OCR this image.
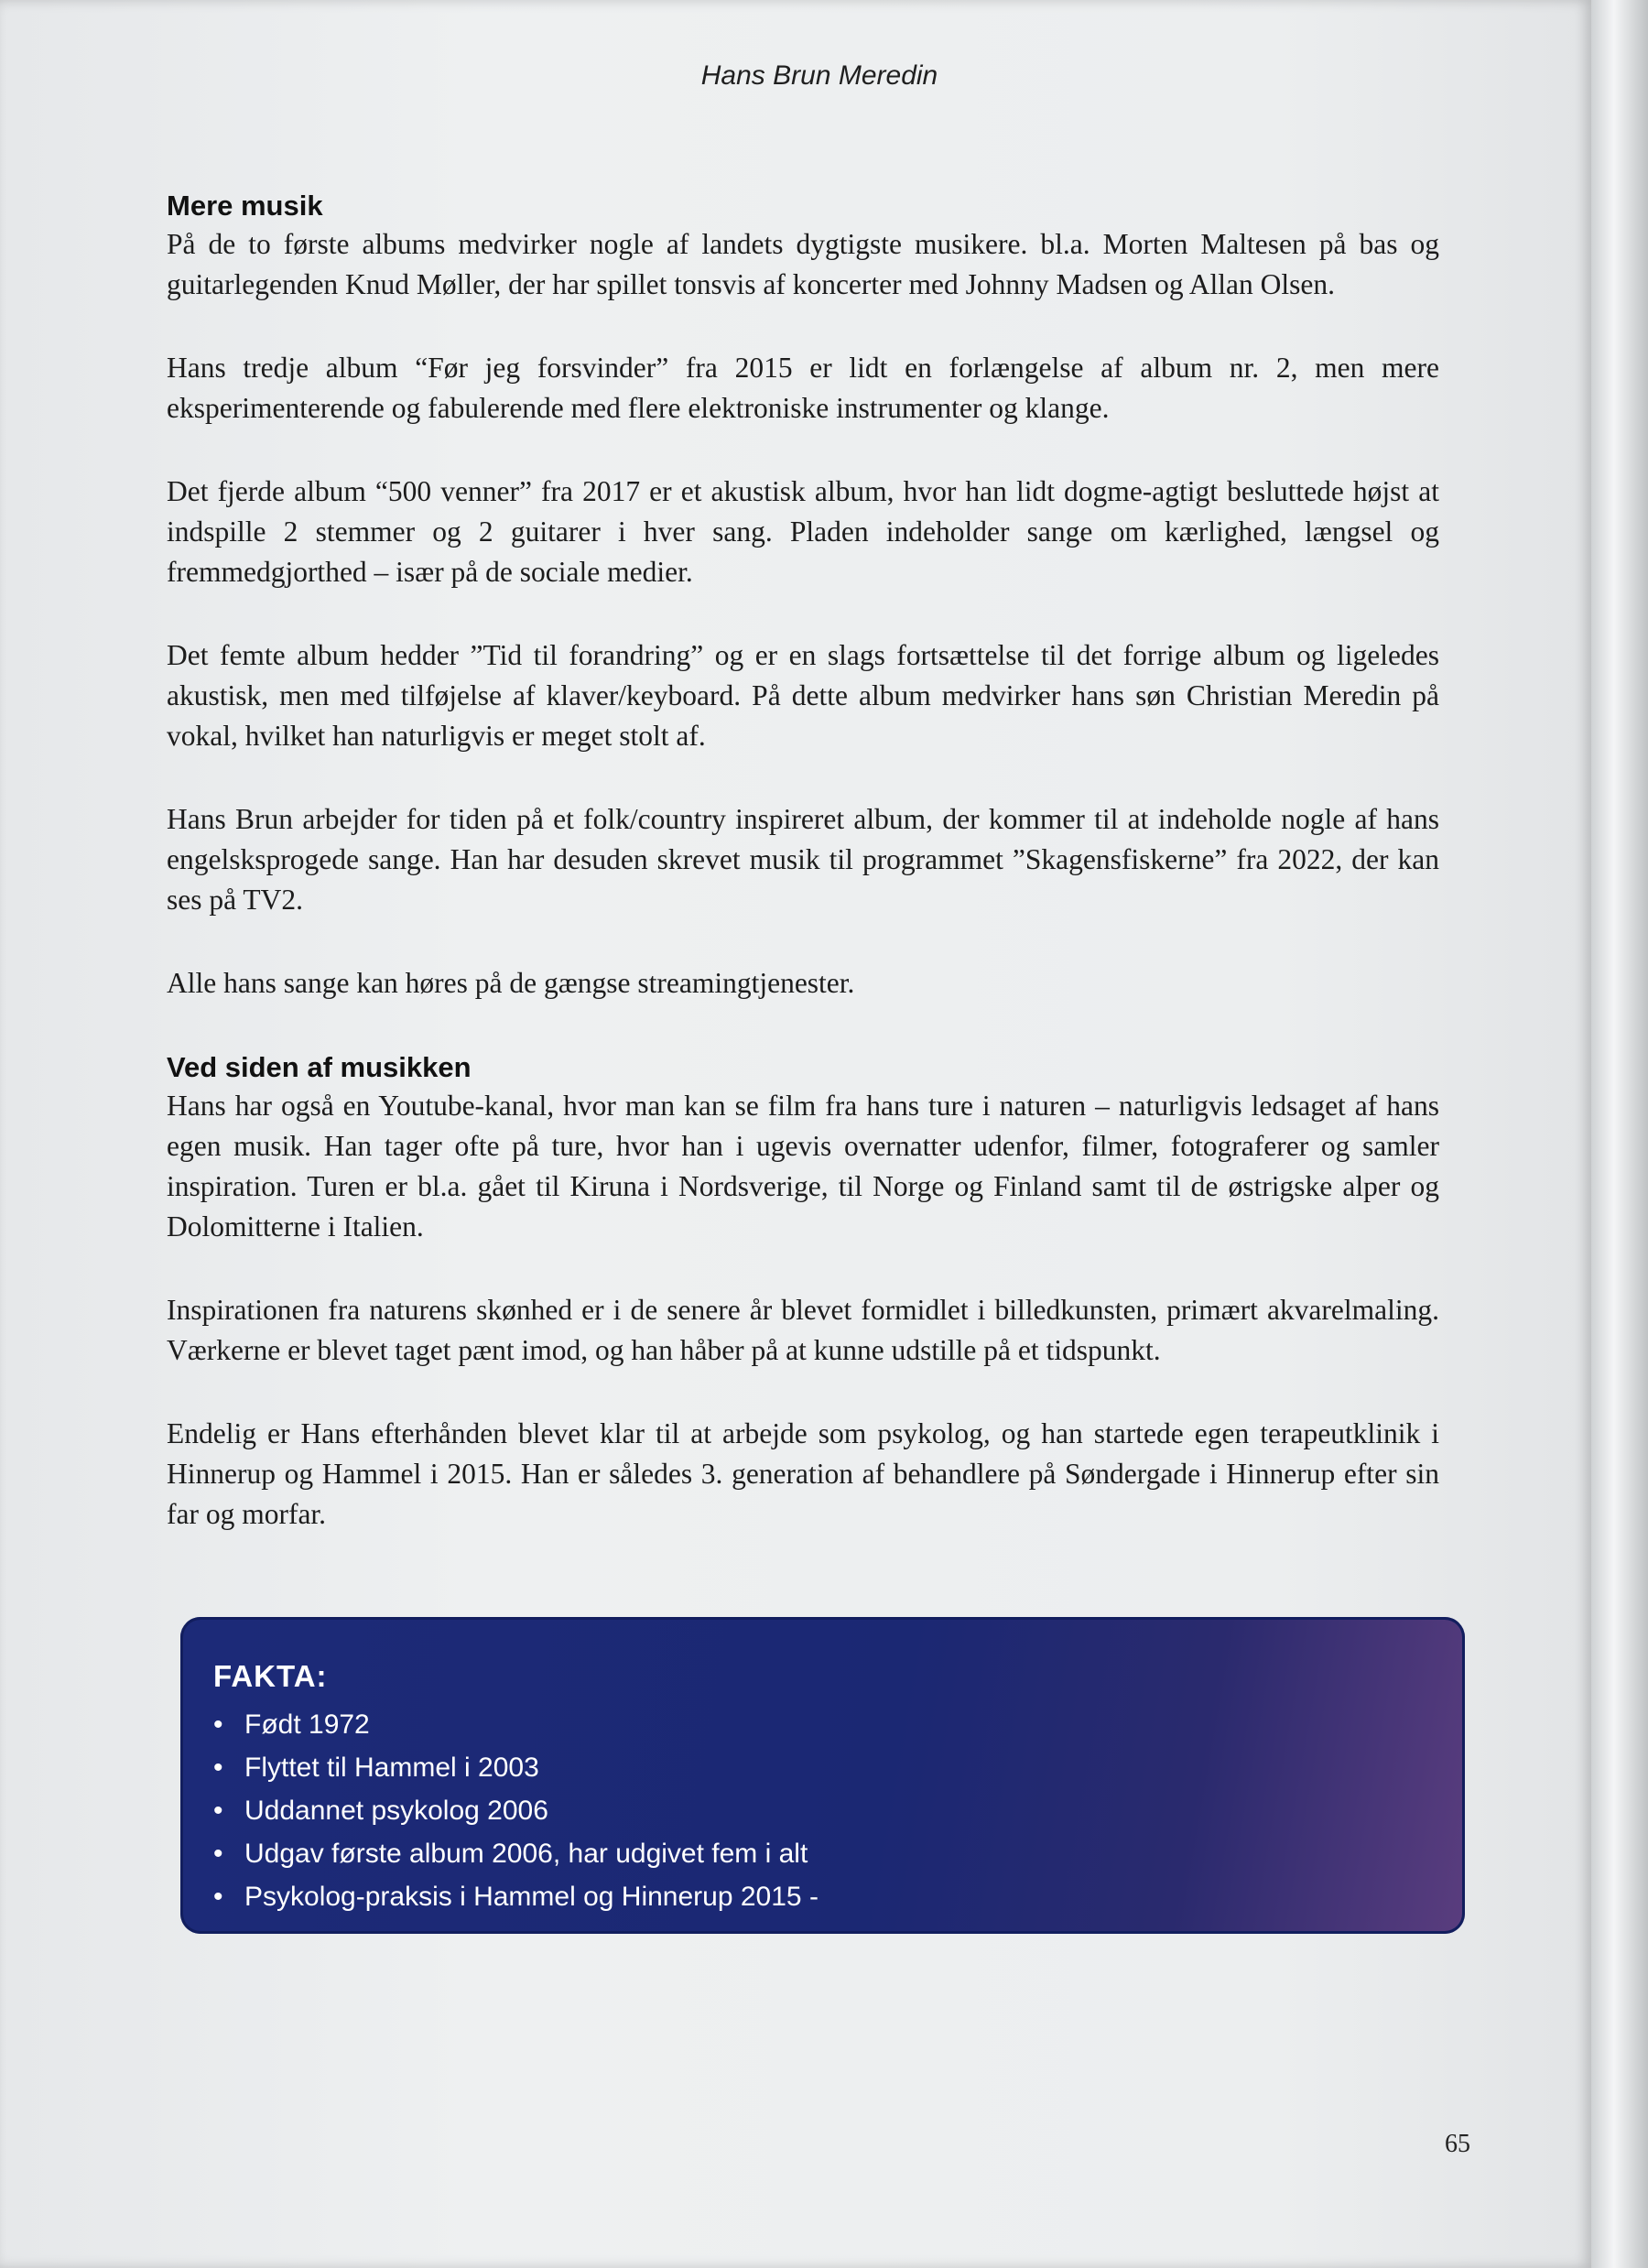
Hans Brun Meredin
Mere musik

På de to første albums medvirker nogle af landets dygtigste musikere. bl.a. Morten Maltesen på bas og guitarlegenden Knud Møller, der har spillet tonsvis af koncerter med Johnny Madsen og Allan Olsen.

Hans tredje album “Før jeg forsvinder” fra 2015 er lidt en forlængelse af album nr. 2, men mere eksperimenterende og fabulerende med flere elektroniske instrumenter og klange.

Det fjerde album “500 venner” fra 2017 er et akustisk album, hvor han lidt dogme-agtigt besluttede højst at indspille 2 stemmer og 2 guitarer i hver sang. Pladen indeholder sange om kærlighed, længsel og fremmedgjorthed – især på de sociale medier.

Det femte album hedder ”Tid til forandring” og er en slags fortsættelse til det forrige album og ligeledes akustisk, men med tilføjelse af klaver/keyboard. På dette album medvirker hans søn Christian Meredin på vokal, hvilket han naturligvis er meget stolt af.

Hans Brun arbejder for tiden på et folk/country inspireret album, der kommer til at indeholde nogle af hans engelsksprogede sange. Han har desuden skrevet musik til programmet ”Skagensfiskerne” fra 2022, der kan ses på TV2.

Alle hans sange kan høres på de gængse streamingtjenester.

Ved siden af musikken

Hans har også en Youtube-kanal, hvor man kan se film fra hans ture i naturen – naturligvis ledsaget af hans egen musik. Han tager ofte på ture, hvor han i ugevis overnatter udenfor, filmer, fotograferer og samler inspiration. Turen er bl.a. gået til Kiruna i Nordsverige, til Norge og Finland samt til de østrigske alper og Dolomitterne i Italien.

Inspirationen fra naturens skønhed er i de senere år blevet formidlet i billedkunsten, primært akvarelmaling. Værkerne er blevet taget pænt imod, og han håber på at kunne udstille på et tidspunkt.

Endelig er Hans efterhånden blevet klar til at arbejde som psykolog, og han startede egen terapeutklinik i Hinnerup og Hammel i 2015. Han er således 3. generation af behandlere på Søndergade i Hinnerup efter sin far og morfar.

FAKTA:
• Født 1972
• Flyttet til Hammel i 2003
• Uddannet psykolog 2006
• Udgav første album 2006, har udgivet fem i alt
• Psykolog-praksis i Hammel og Hinnerup 2015 -
65
